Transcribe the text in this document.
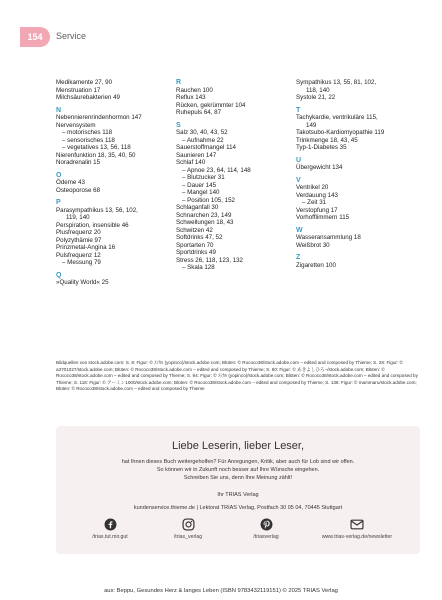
154	Service
Medikamente 27, 90
Menstruation 17
Milchsäurebakterien 49
N
Nebennierenrindenhormon 147
Nervensystem
– motorisches 118
– sensorisches 118
– vegetatives 13, 56, 118
Nierenfunktion 18, 35, 40, 50
Noradrenalin 15
O
Ödeme 43
Osteoporose 68
P
Parasympathikus 13, 56, 102,
119, 140
Perspiration, insensible 46
Plusfrequenz 20
Polyzythämie 97
Prinzmetal-Angina 16
Pulsfrequenz 12
– Messung 79
Q
»Quality World« 25
R
Rauchen 100
Reflux 143
Rücken, gekrümmter 104
Ruhepuls 64, 87
S
Salz 30, 40, 43, 52
– Aufnahme 22
Sauerstoffmangel 114
Saunieren 147
Schlaf 140
– Apnoe 23, 64, 114, 148
– Blutzucker 31
– Dauer 145
– Mangel 140
– Position 105, 152
Schlaganfall 30
Schnarchen 23, 149
Schwellungen 18, 43
Schwitzen 42
Softdrinks 47, 52
Sportarten 70
Sportdrinks 49
Stress 26, 118, 123, 132
– Skala 128
Sympathikus 13, 55, 81, 102,
118, 140
Systole 21, 22
T
Tachykardie, ventrikuläre 115,
149
Takotsubo-Kardiomyopathie 119
Trinkmenge 18, 43, 45
Typ-1-Diabetes 35
U
Übergewicht 134
V
Ventrikel 20
Verdauung 143
– Zeit 31
Verstopfung 17
Vorhofflimmern 115
W
Wasseransammlung 18
Weißbrot 30
Z
Zigaretten 100
Bildquellen von stock.adobe.com: S. 8: Figur: © ﾒｼｶﾙ (yopinco)/stock.adobe.com; Blüten: © Rococo38/stock.adobe.com – edited and composed by Thieme; S. 28: Figur: © a3701027/stock.adobe.com; Blüten: © Rococo38/stock.adobe.com – edited and composed by Thieme; S. 60: Figur: © あきよしひろ–/stock.adobe.com; Blüten: © Rococo38/stock.adobe.com – edited and composed by Thieme; S. 94: Figur: © ﾒｼｶﾙ (yopinco)/stock.adobe.com; Blüten: © Rococo38/stock.adobe.com – edited and composed by Thieme; S. 116: Figur: © アーミン1000/stock.adobe.com; Blüten: © Rococo38/stock.adobe.com – edited and composed by Thieme; S. 136: Figur: © mammaru/stock.adobe.com; Blüten: © Rococo38/stock.adobe.com – edited and composed by Thieme
Liebe Leserin, lieber Leser,
hat Ihnen dieses Buch weitergeholfen? Für Anregungen, Kritik, aber auch für Lob sind wir offen.
So können wir in Zukunft noch besser auf Ihre Wünsche eingehen.
Schreiben Sie uns, denn Ihre Meinung zählt!
Ihr TRIAS Verlag
kundenservice.thieme.de | Lektorat TRIAS Verlag, Postfach 30 05 04, 70445 Stuttgart
/trias.tut.mir.gut	/trias_verlag	/triasverlag	www.trias-verlag.de/newsletter
aus: Beppu, Gesundes Herz & langes Leben (ISBN 9783432119151) © 2025 TRIAS Verlag
